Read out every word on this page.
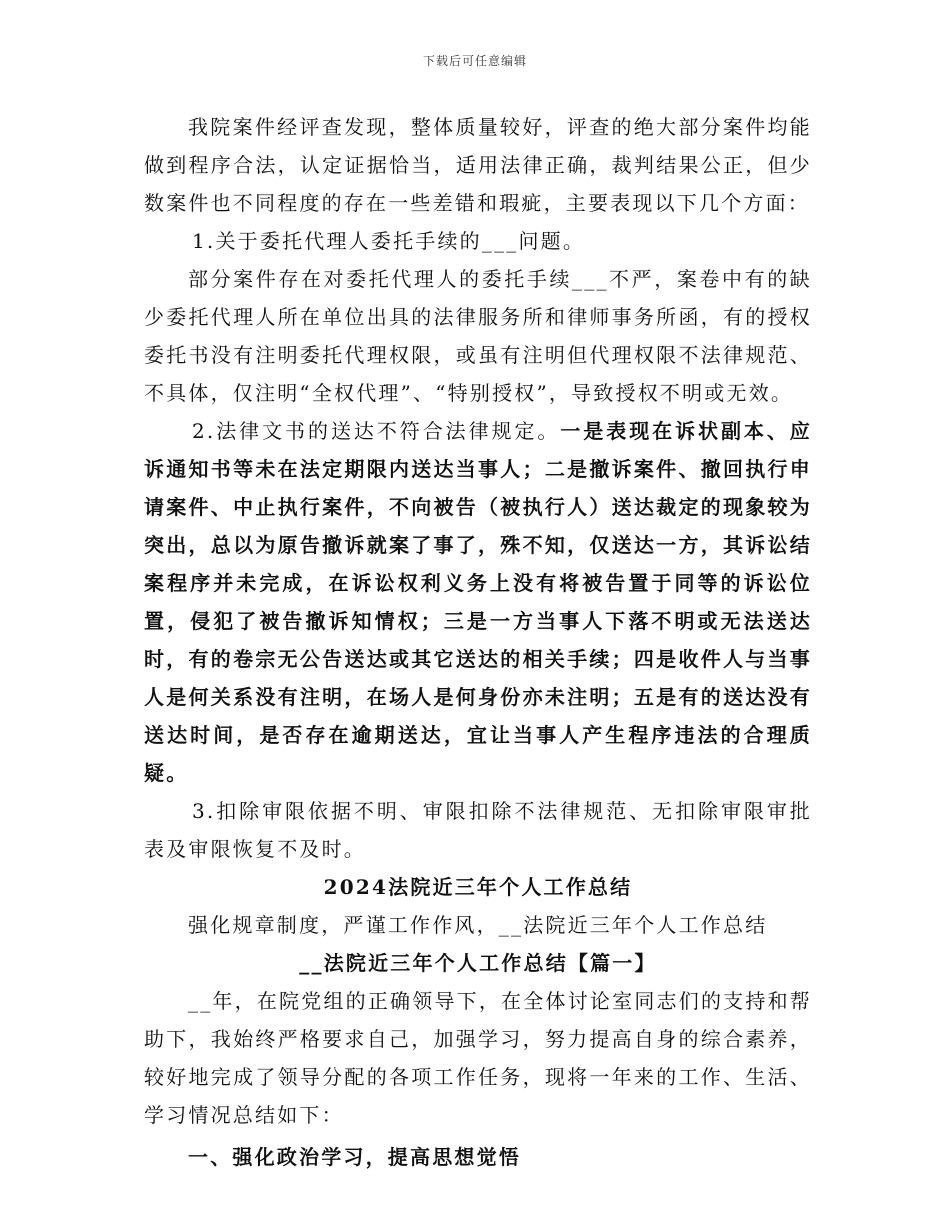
下载后可任意编辑

我院案件经评查发现，整体质量较好，评查的绝大部分案件均能做到程序合法，认定证据恰当，适用法律正确，裁判结果公正，但少数案件也不同程度的存在一些差错和瑕疵，主要表现以下几个方面：

1.关于委托代理人委托手续的___问题。

部分案件存在对委托代理人的委托手续___不严，案卷中有的缺少委托代理人所在单位出具的法律服务所和律师事务所函，有的授权委托书没有注明委托代理权限，或虽有注明但代理权限不法律规范、不具体，仅注明“全权代理”、“特别授权”，导致授权不明或无效。

2.法律文书的送达不符合法律规定。一是表现在诉状副本、应诉通知书等未在法定期限内送达当事人；二是撤诉案件、撤回执行申请案件、中止执行案件，不向被告（被执行人）送达裁定的现象较为突出，总以为原告撤诉就案了事了，殊不知，仅送达一方，其诉讼结案程序并未完成，在诉讼权利义务上没有将被告置于同等的诉讼位置，侵犯了被告撤诉知情权；三是一方当事人下落不明或无法送达时，有的卷宗无公告送达或其它送达的相关手续；四是收件人与当事人是何关系没有注明，在场人是何身份亦未注明；五是有的送达没有送达时间，是否存在逾期送达，宜让当事人产生程序违法的合理质疑。

3.扣除审限依据不明、审限扣除不法律规范、无扣除审限审批表及审限恢复不及时。

2024法院近三年个人工作总结

强化规章制度，严谨工作作风，__法院近三年个人工作总结

__法院近三年个人工作总结【篇一】

__年，在院党组的正确领导下，在全体讨论室同志们的支持和帮助下，我始终严格要求自己，加强学习，努力提高自身的综合素养，较好地完成了领导分配的各项工作任务，现将一年来的工作、生活、学习情况总结如下：

一、强化政治学习，提高思想觉悟
